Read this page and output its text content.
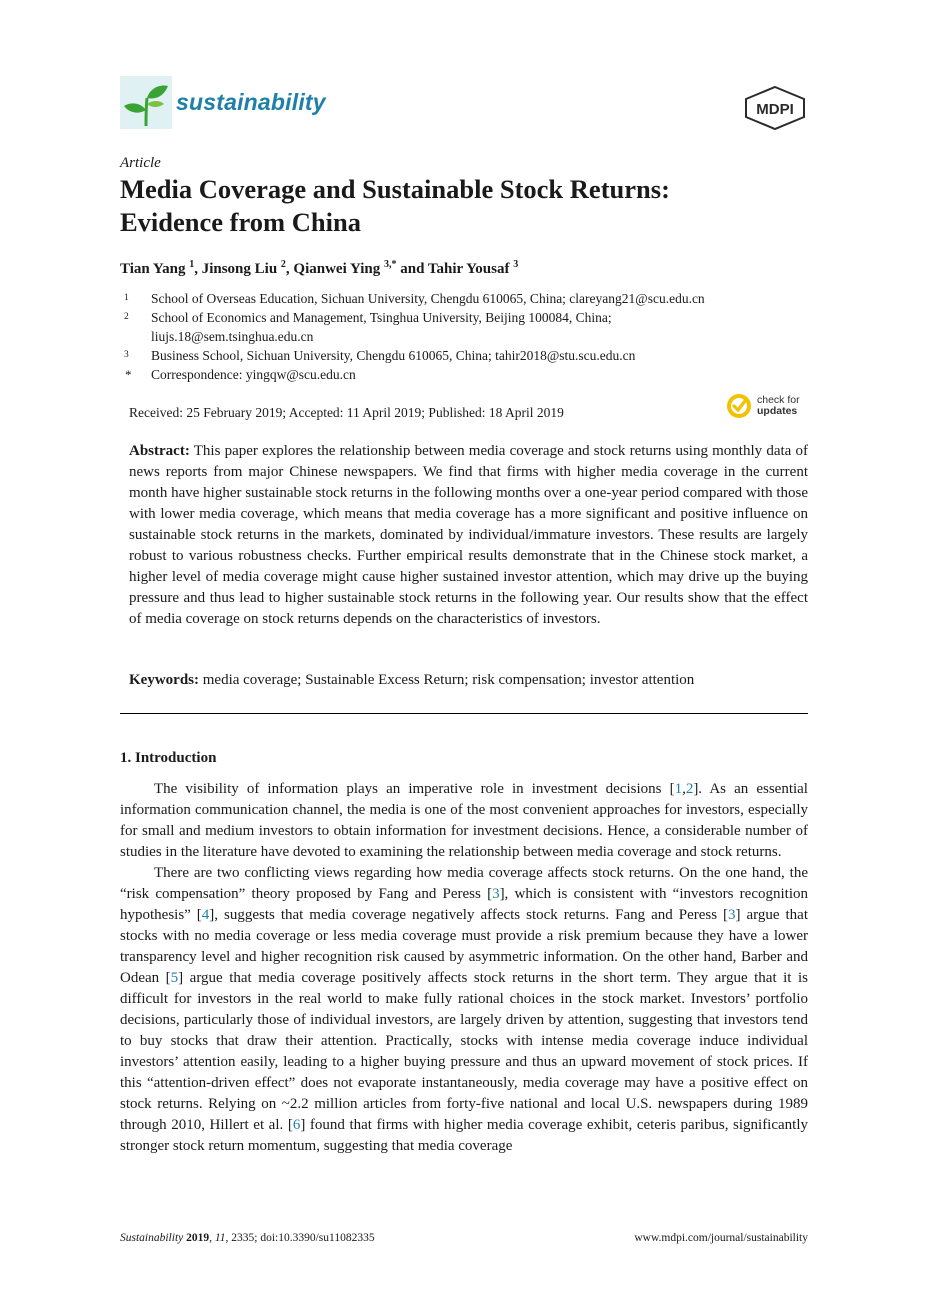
sustainability	MDPI
Article
Media Coverage and Sustainable Stock Returns:
Evidence from China
Tian Yang $^1$, Jinsong Liu $^2$, Qianwei Ying $^{3,*}$ and Tahir Yousaf $^3$
1	School of Overseas Education, Sichuan University, Chengdu 610065, China; clareyang21@scu.edu.cn
2	School of Economics and Management, Tsinghua University, Beijing 100084, China;
liujs.18@sem.tsinghua.edu.cn
3	Business School, Sichuan University, Chengdu 610065, China; tahir2018@stu.scu.edu.cn
* Correspondence: yingqw@scu.edu.cn
Received: 25 February 2019; Accepted: 11 April 2019; Published: 18 April 2019
check for
updates
Abstract: This paper explores the relationship between media coverage and stock returns using monthly data of news reports from major Chinese newspapers. We find that firms with higher media coverage in the current month have higher sustainable stock returns in the following months over a one-year period compared with those with lower media coverage, which means that media coverage has a more significant and positive influence on sustainable stock returns in the markets, dominated by individual/immature investors. These results are largely robust to various robustness checks. Further empirical results demonstrate that in the Chinese stock market, a higher level of media coverage might cause higher sustained investor attention, which may drive up the buying pressure and thus lead to higher sustainable stock returns in the following year. Our results show that the effect of media coverage on stock returns depends on the characteristics of investors.
Keywords: media coverage; Sustainable Excess Return; risk compensation; investor attention
1. Introduction

The visibility of information plays an imperative role in investment decisions [1,2]. As an essential information communication channel, the media is one of the most convenient approaches for investors, especially for small and medium investors to obtain information for investment decisions. Hence, a considerable number of studies in the literature have devoted to examining the relationship between media coverage and stock returns.

There are two conflicting views regarding how media coverage affects stock returns. On the one hand, the “risk compensation” theory proposed by Fang and Peress [3], which is consistent with “investors recognition hypothesis” [4], suggests that media coverage negatively affects stock returns. Fang and Peress [3] argue that stocks with no media coverage or less media coverage must provide a risk premium because they have a lower transparency level and higher recognition risk caused by asymmetric information. On the other hand, Barber and Odean [5] argue that media coverage positively affects stock returns in the short term. They argue that it is difficult for investors in the real world to make fully rational choices in the stock market. Investors’ portfolio decisions, particularly those of individual investors, are largely driven by attention, suggesting that investors tend to buy stocks that draw their attention. Practically, stocks with intense media coverage induce individual investors’ attention easily, leading to a higher buying pressure and thus an upward movement of stock prices. If this “attention-driven effect” does not evaporate instantaneously, media coverage may have a positive effect on stock returns. Relying on ~2.2 million articles from forty-five national and local U.S. newspapers during 1989 through 2010, Hillert et al. [6] found that firms with higher media coverage exhibit, ceteris paribus, significantly stronger stock return momentum, suggesting that media coverage

Sustainability 2019, 11, 2335; doi:10.3390/su11082335	www.mdpi.com/journal/sustainability
